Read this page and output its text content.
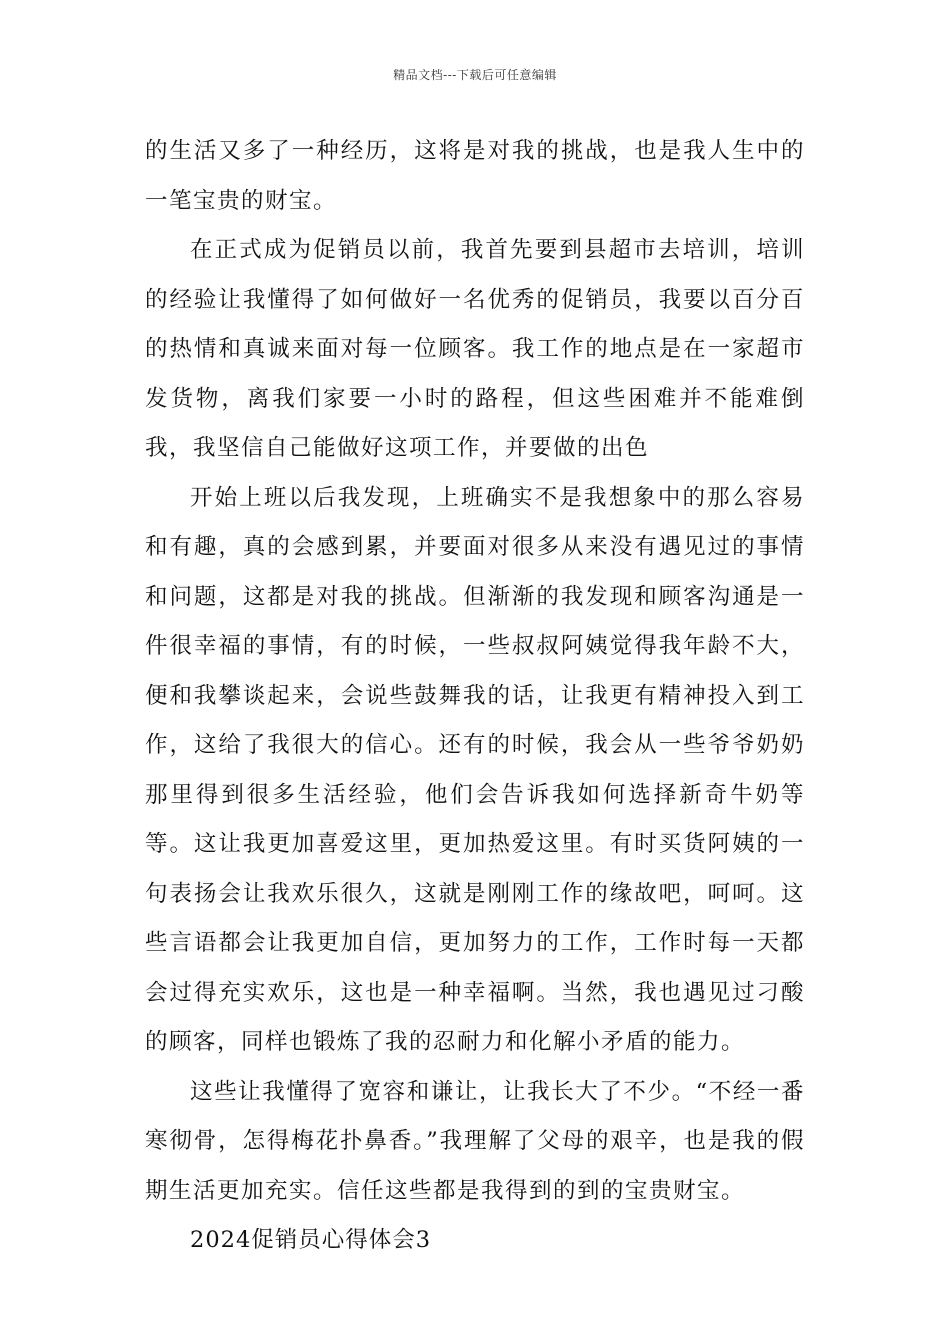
精品文档---下载后可任意编辑

的生活又多了一种经历，这将是对我的挑战，也是我人生中的一笔宝贵的财宝。

在正式成为促销员以前，我首先要到县超市去培训，培训的经验让我懂得了如何做好一名优秀的促销员，我要以百分百的热情和真诚来面对每一位顾客。我工作的地点是在一家超市发货物，离我们家要一小时的路程，但这些困难并不能难倒我，我坚信自己能做好这项工作，并要做的出色

开始上班以后我发现，上班确实不是我想象中的那么容易和有趣，真的会感到累，并要面对很多从来没有遇见过的事情和问题，这都是对我的挑战。但渐渐的我发现和顾客沟通是一件很幸福的事情，有的时候，一些叔叔阿姨觉得我年龄不大，便和我攀谈起来，会说些鼓舞我的话，让我更有精神投入到工作，这给了我很大的信心。还有的时候，我会从一些爷爷奶奶那里得到很多生活经验，他们会告诉我如何选择新奇牛奶等等。这让我更加喜爱这里，更加热爱这里。有时买货阿姨的一句表扬会让我欢乐很久，这就是刚刚工作的缘故吧，呵呵。这些言语都会让我更加自信，更加努力的工作，工作时每一天都会过得充实欢乐，这也是一种幸福啊。当然，我也遇见过刁酸的顾客，同样也锻炼了我的忍耐力和化解小矛盾的能力。

这些让我懂得了宽容和谦让，让我长大了不少。“不经一番寒彻骨，怎得梅花扑鼻香。”我理解了父母的艰辛，也是我的假期生活更加充实。信任这些都是我得到的到的宝贵财宝。

2024促销员心得体会3
